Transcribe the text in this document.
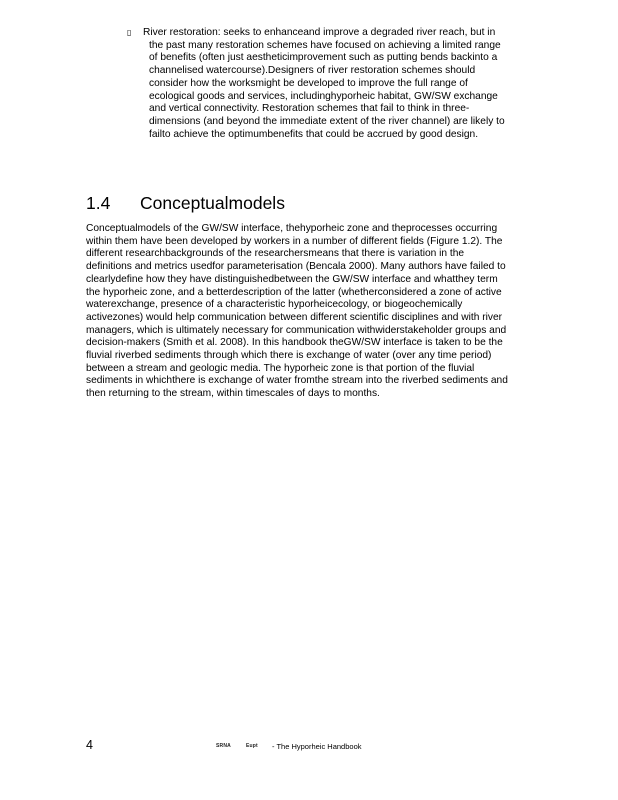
▯	River restoration: seeks to enhanceand improve a degraded river reach, but in the past many restoration schemes have focused on achieving a limited range of benefits (often just aestheticimprovement such as putting bends backinto a channelised watercourse).Designers of river restoration schemes should consider how the worksmight be developed to improve the full range of ecological goods and services, includinghyporheic habitat, GW/SW exchange and vertical connectivity. Restoration schemes that fail to think in three-dimensions (and beyond the immediate extent of the river channel) are likely to failto achieve the optimumbenefits that could be accrued by good design.
1.4 Conceptualmodels
Conceptualmodels of the GW/SW interface, thehyporheic zone and theprocesses occurring within them have been developed by workers in a number of different fields (Figure 1.2). The different researchbackgrounds of the researchersmeans that there is variation in the definitions and metrics usedfor parameterisation (Bencala 2000). Many authors have failed to clearlydefine how they have distinguishedbetween the GW/SW interface and whatthey term the hyporheic zone, and a betterdescription of the latter (whetherconsidered a zone of active waterexchange, presence of a characteristic hyporheicecology, or biogeochemically activezones) would help communication between different scientific disciplines and with river managers, which is ultimately necessary for communication withwiderstakeholder groups and decision-makers (Smith et al. 2008). In this handbook theGW/SW interface is taken to be the fluvial riverbed sediments through which there is exchange of water (over any time period) between a stream and geologic media. The hyporheic zone is that portion of the fluvial sediments in whichthere is exchange of water fromthe stream into the riverbed sediments and then returning to the stream, within timescales of days to months.
4	SRNA	Eupt - The Hyporheic Handbook
